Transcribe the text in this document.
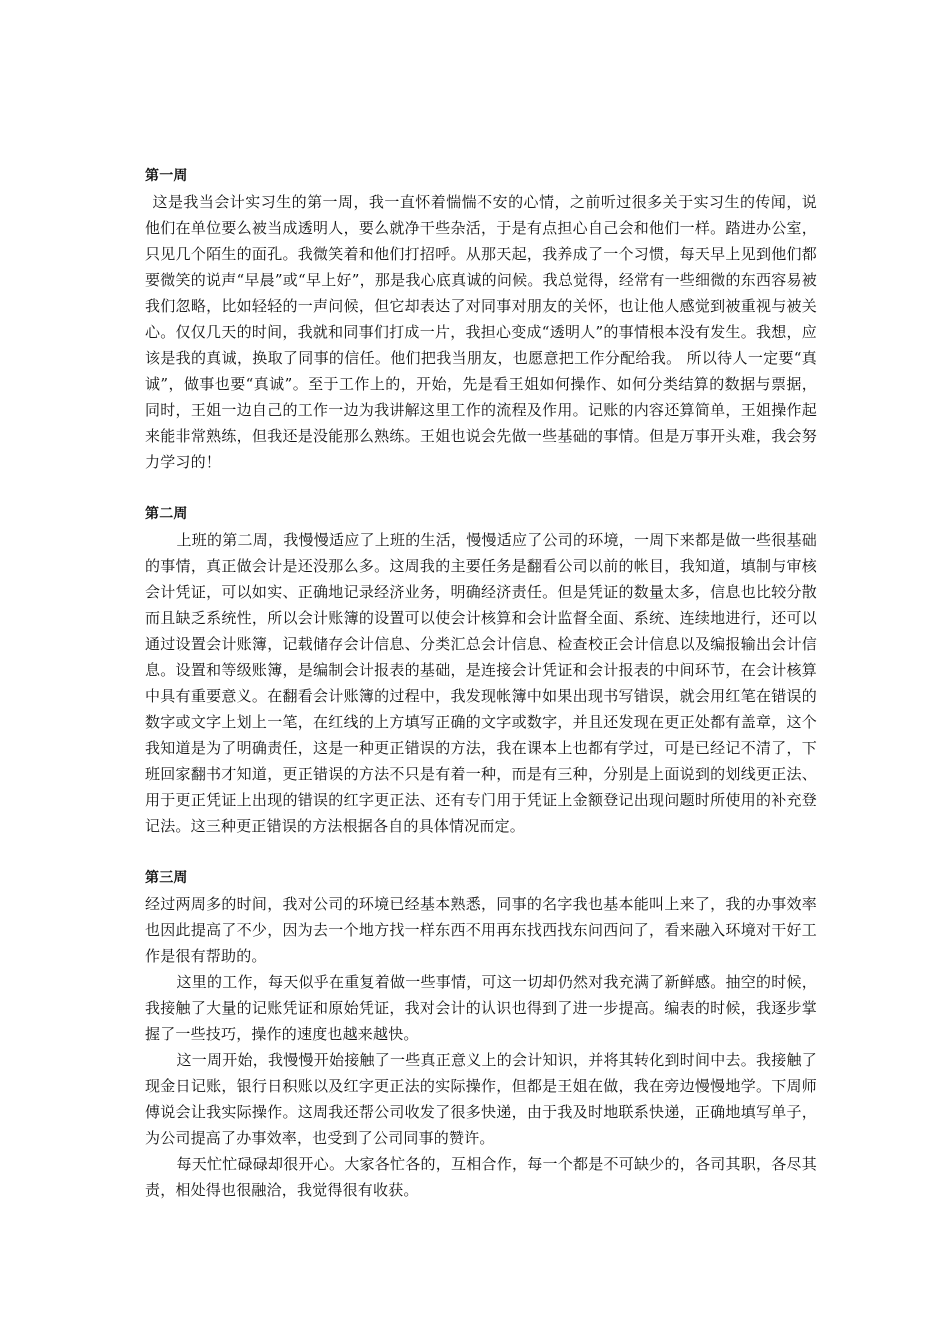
第一周

这是我当会计实习生的第一周，我一直怀着惴惴不安的心情，之前听过很多关于实习生的传闻，说他们在单位要么被当成透明人，要么就净干些杂活，于是有点担心自己会和他们一样。踏进办公室，只见几个陌生的面孔。我微笑着和他们打招呼。从那天起，我养成了一个习惯，每天早上见到他们都要微笑的说声“早晨”或“早上好”，那是我心底真诚的问候。我总觉得，经常有一些细微的东西容易被我们忽略，比如轻轻的一声问候，但它却表达了对同事对朋友的关怀，也让他人感觉到被重视与被关心。仅仅几天的时间，我就和同事们打成一片，我担心变成“透明人”的事情根本没有发生。我想，应该是我的真诚，换取了同事的信任。他们把我当朋友，也愿意把工作分配给我。 所以待人一定要“真诚”，做事也要“真诚”。至于工作上的，开始，先是看王姐如何操作、如何分类结算的数据与票据，同时，王姐一边自己的工作一边为我讲解这里工作的流程及作用。记账的内容还算简单，王姐操作起来能非常熟练，但我还是没能那么熟练。王姐也说会先做一些基础的事情。但是万事开头难，我会努力学习的！

第二周

上班的第二周，我慢慢适应了上班的生活，慢慢适应了公司的环境，一周下来都是做一些很基础的事情，真正做会计是还没那么多。这周我的主要任务是翻看公司以前的帐目，我知道，填制与审核会计凭证，可以如实、正确地记录经济业务，明确经济责任。但是凭证的数量太多，信息也比较分散而且缺乏系统性，所以会计账簿的设置可以使会计核算和会计监督全面、系统、连续地进行，还可以通过设置会计账簿，记载储存会计信息、分类汇总会计信息、检查校正会计信息以及编报输出会计信息。设置和等级账簿，是编制会计报表的基础，是连接会计凭证和会计报表的中间环节，在会计核算中具有重要意义。在翻看会计账簿的过程中，我发现帐簿中如果出现书写错误，就会用红笔在错误的数字或文字上划上一笔，在红线的上方填写正确的文字或数字，并且还发现在更正处都有盖章，这个我知道是为了明确责任，这是一种更正错误的方法，我在课本上也都有学过，可是已经记不清了，下班回家翻书才知道，更正错误的方法不只是有着一种，而是有三种，分别是上面说到的划线更正法、用于更正凭证上出现的错误的红字更正法、还有专门用于凭证上金额登记出现问题时所使用的补充登记法。这三种更正错误的方法根据各自的具体情况而定。

第三周

经过两周多的时间，我对公司的环境已经基本熟悉，同事的名字我也基本能叫上来了，我的办事效率也因此提高了不少，因为去一个地方找一样东西不用再东找西找东问西问了，看来融入环境对干好工作是很有帮助的。

这里的工作，每天似乎在重复着做一些事情，可这一切却仍然对我充满了新鲜感。抽空的时候，我接触了大量的记账凭证和原始凭证，我对会计的认识也得到了进一步提高。编表的时候，我逐步掌握了一些技巧，操作的速度也越来越快。

这一周开始，我慢慢开始接触了一些真正意义上的会计知识，并将其转化到时间中去。我接触了现金日记账，银行日积账以及红字更正法的实际操作，但都是王姐在做，我在旁边慢慢地学。下周师傅说会让我实际操作。这周我还帮公司收发了很多快递，由于我及时地联系快递，正确地填写单子，为公司提高了办事效率，也受到了公司同事的赞许。

每天忙忙碌碌却很开心。大家各忙各的，互相合作，每一个都是不可缺少的，各司其职，各尽其责，相处得也很融洽，我觉得很有收获。
